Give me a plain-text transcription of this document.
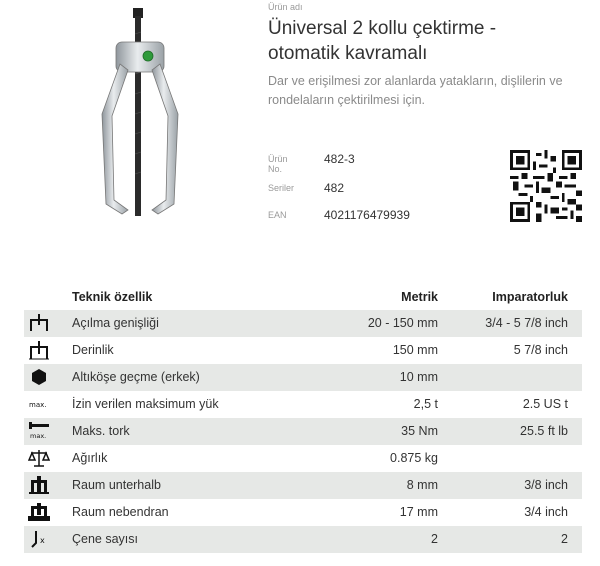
Ürün adı
Üniversal 2 kollu çektirme -
otomatik kavramalı
Dar ve erişilmesi zor alanlarda yatakların, dişlilerin ve rondelaların çektirilmesi için.
Ürün No.
482-3
Seriler 482
EAN	4021176479939
Teknik özellik	Metrik	Imparatorluk
Açılma genişliği	20 - 150 mm	3/4 - 5 7/8 inch
Derinlik	150 mm	5 7/8 inch
Altıköşe geçme (erkek)	10 mm
max. İzin verilen maksimum yük	2,5 t	2.5 US t
max. Maks. tork	35 Nm	25.5 ft lb
Ağırlık	0.875 kg
Raum unterhalb	8 mm	3/8 inch
Raum nebendran	17 mm	3/4 inch
x Çene sayısı	2	2
